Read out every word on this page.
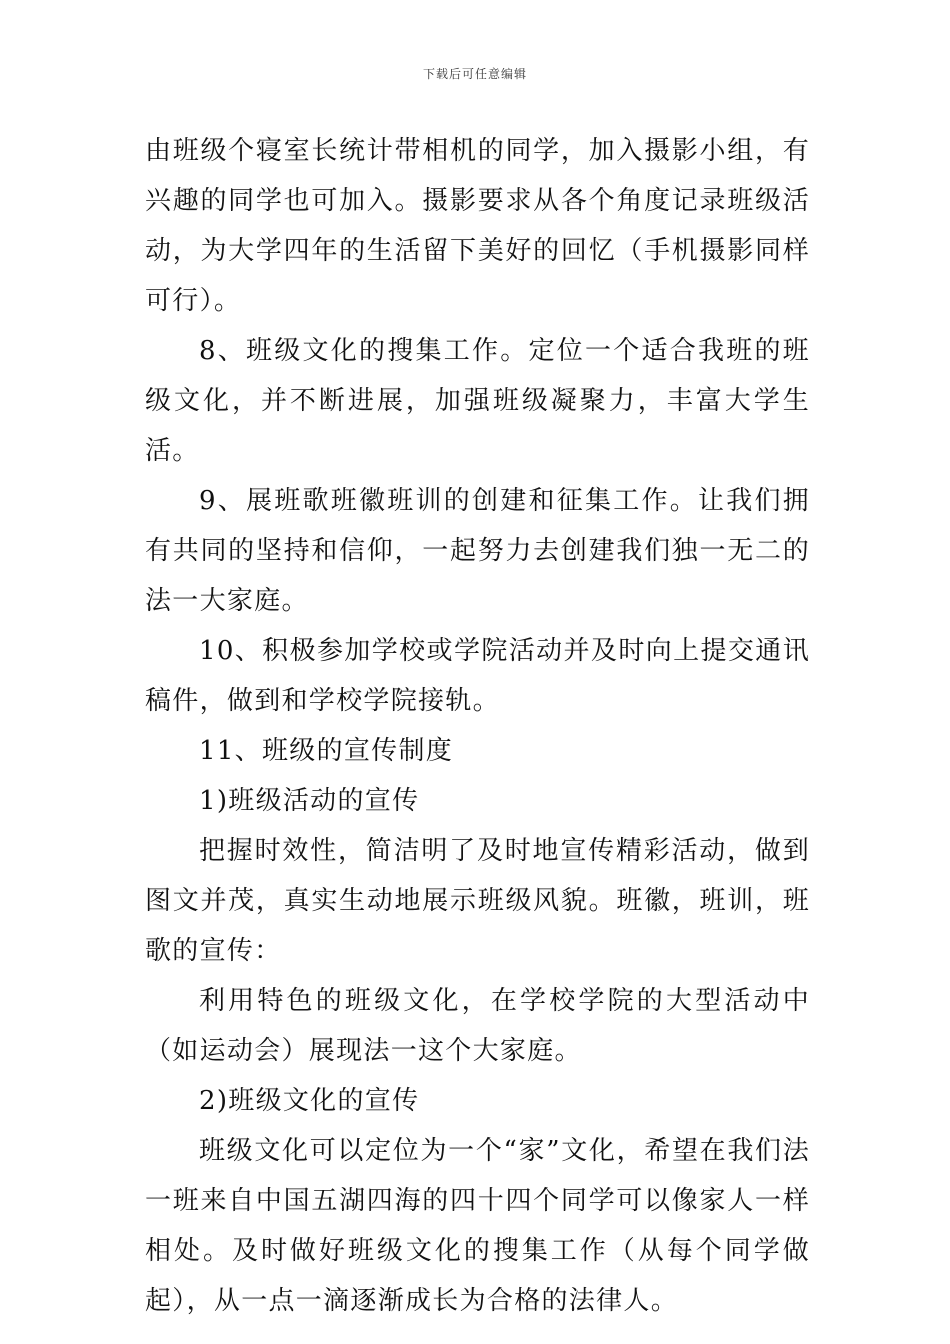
下载后可任意编辑

由班级个寝室长统计带相机的同学，加入摄影小组，有兴趣的同学也可加入。摄影要求从各个角度记录班级活动，为大学四年的生活留下美好的回忆（手机摄影同样可行）。

8、班级文化的搜集工作。定位一个适合我班的班级文化，并不断进展，加强班级凝聚力，丰富大学生活。

9、展班歌班徽班训的创建和征集工作。让我们拥有共同的坚持和信仰，一起努力去创建我们独一无二的法一大家庭。

10、积极参加学校或学院活动并及时向上提交通讯稿件，做到和学校学院接轨。

11、班级的宣传制度

1)班级活动的宣传

把握时效性，简洁明了及时地宣传精彩活动，做到图文并茂，真实生动地展示班级风貌。班徽，班训，班歌的宣传：

利用特色的班级文化，在学校学院的大型活动中（如运动会）展现法一这个大家庭。

2)班级文化的宣传

班级文化可以定位为一个“家”文化，希望在我们法一班来自中国五湖四海的四十四个同学可以像家人一样相处。及时做好班级文化的搜集工作（从每个同学做起），从一点一滴逐渐成长为合格的法律人。
